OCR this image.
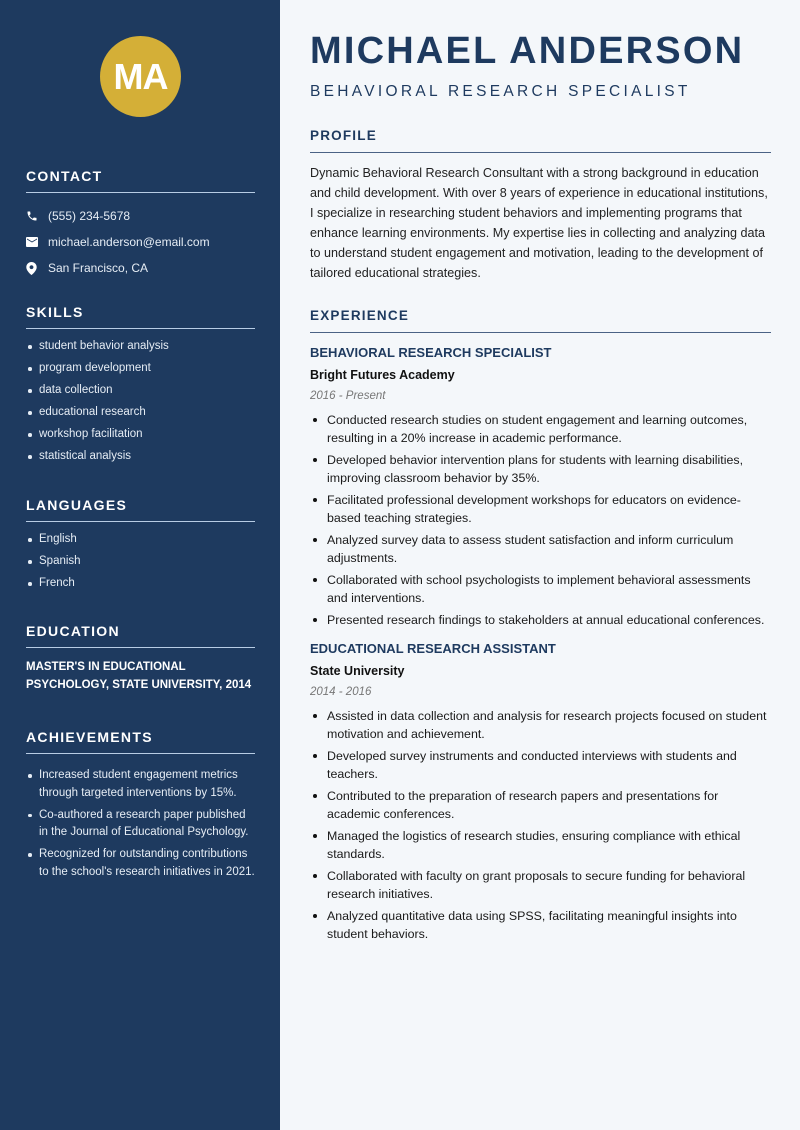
MA
CONTACT
(555) 234-5678
michael.anderson@email.com
San Francisco, CA
SKILLS
student behavior analysis
program development
data collection
educational research
workshop facilitation
statistical analysis
LANGUAGES
English
Spanish
French
EDUCATION

MASTER'S IN EDUCATIONAL PSYCHOLOGY, STATE UNIVERSITY, 2014

ACHIEVEMENTS
Increased student engagement metrics through targeted interventions by 15%.
Co-authored a research paper published in the Journal of Educational Psychology.
Recognized for outstanding contributions to the school's research initiatives in 2021.
MICHAEL ANDERSON
BEHAVIORAL RESEARCH SPECIALIST
PROFILE

Dynamic Behavioral Research Consultant with a strong background in education and child development. With over 8 years of experience in educational institutions, I specialize in researching student behaviors and implementing programs that enhance learning environments. My expertise lies in collecting and analyzing data to understand student engagement and motivation, leading to the development of tailored educational strategies.

EXPERIENCE
BEHAVIORAL RESEARCH SPECIALIST
Bright Futures Academy
2016 - Present
Conducted research studies on student engagement and learning outcomes, resulting in a 20% increase in academic performance.
Developed behavior intervention plans for students with learning disabilities, improving classroom behavior by 35%.
Facilitated professional development workshops for educators on evidence-based teaching strategies.
Analyzed survey data to assess student satisfaction and inform curriculum adjustments.
Collaborated with school psychologists to implement behavioral assessments and interventions.
Presented research findings to stakeholders at annual educational conferences.
EDUCATIONAL RESEARCH ASSISTANT
State University
2014 - 2016
Assisted in data collection and analysis for research projects focused on student motivation and achievement.
Developed survey instruments and conducted interviews with students and teachers.
Contributed to the preparation of research papers and presentations for academic conferences.
Managed the logistics of research studies, ensuring compliance with ethical standards.
Collaborated with faculty on grant proposals to secure funding for behavioral research initiatives.
Analyzed quantitative data using SPSS, facilitating meaningful insights into student behaviors.
